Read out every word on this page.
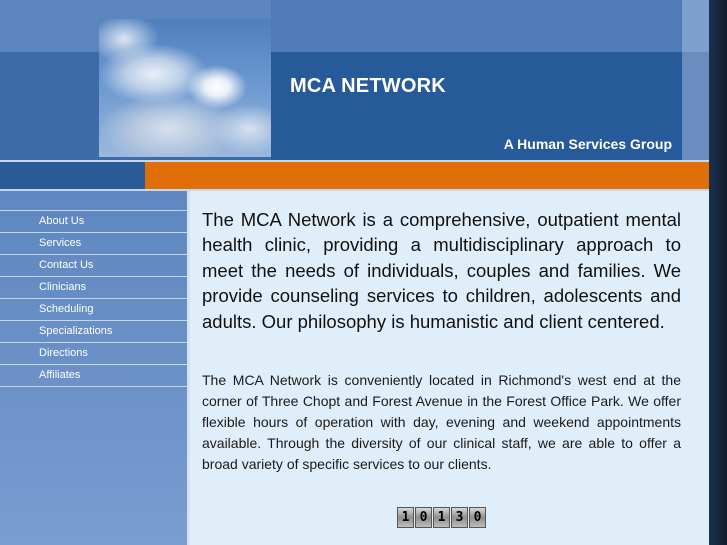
MCA NETWORK
A Human Services Group
About Us
Services
Contact Us
Clinicians
Scheduling
Specializations
Directions
Affiliates

The MCA Network is a comprehensive, outpatient mental health clinic, providing a multidisciplinary approach to meet the needs of individuals, couples and families. We provide counseling services to children, adolescents and adults. Our philosophy is humanistic and client centered.

The MCA Network is conveniently located in Richmond's west end at the corner of Three Chopt and Forest Avenue in the Forest Office Park. We offer flexible hours of operation with day, evening and weekend appointments available. Through the diversity of our clinical staff, we are able to offer a broad variety of specific services to our clients.

1 0 1 3 0
